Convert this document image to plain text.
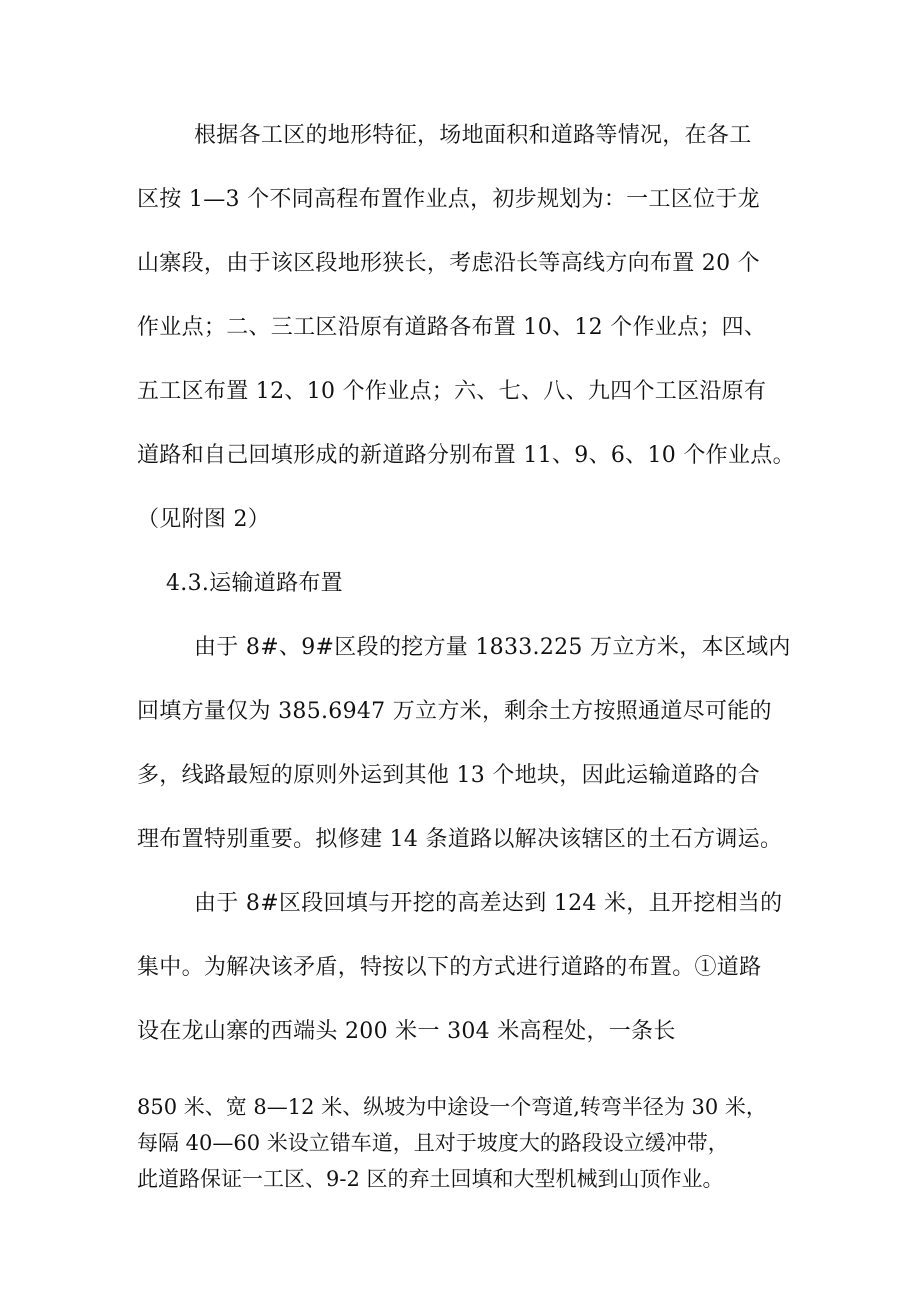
根据各工区的地形特征，场地面积和道路等情况，在各工
区按 1—3 个不同高程布置作业点，初步规划为：一工区位于龙
山寨段，由于该区段地形狭长，考虑沿长等高线方向布置 20 个
作业点；二、三工区沿原有道路各布置 10、12 个作业点；四、
五工区布置 12、10 个作业点；六、七、八、九四个工区沿原有
道路和自己回填形成的新道路分别布置 11、9、6、10 个作业点。
（见附图 2）
4.3.运输道路布置
由于 8#、9#区段的挖方量 1833.225 万立方米，本区域内
回填方量仅为 385.6947 万立方米，剩余土方按照通道尽可能的
多，线路最短的原则外运到其他 13 个地块，因此运输道路的合
理布置特别重要。拟修建 14 条道路以解决该辖区的土石方调运。
由于 8#区段回填与开挖的高差达到 124 米，且开挖相当的
集中。为解决该矛盾，特按以下的方式进行道路的布置。①道路
设在龙山寨的西端头 200 米一 304 米高程处，一条长
850 米、宽 8—12 米、纵坡为中途设一个弯道,转弯半径为 30 米，
每隔 40—60 米设立错车道，且对于坡度大的路段设立缓冲带，
此道路保证一工区、9-2 区的弃土回填和大型机械到山顶作业。
